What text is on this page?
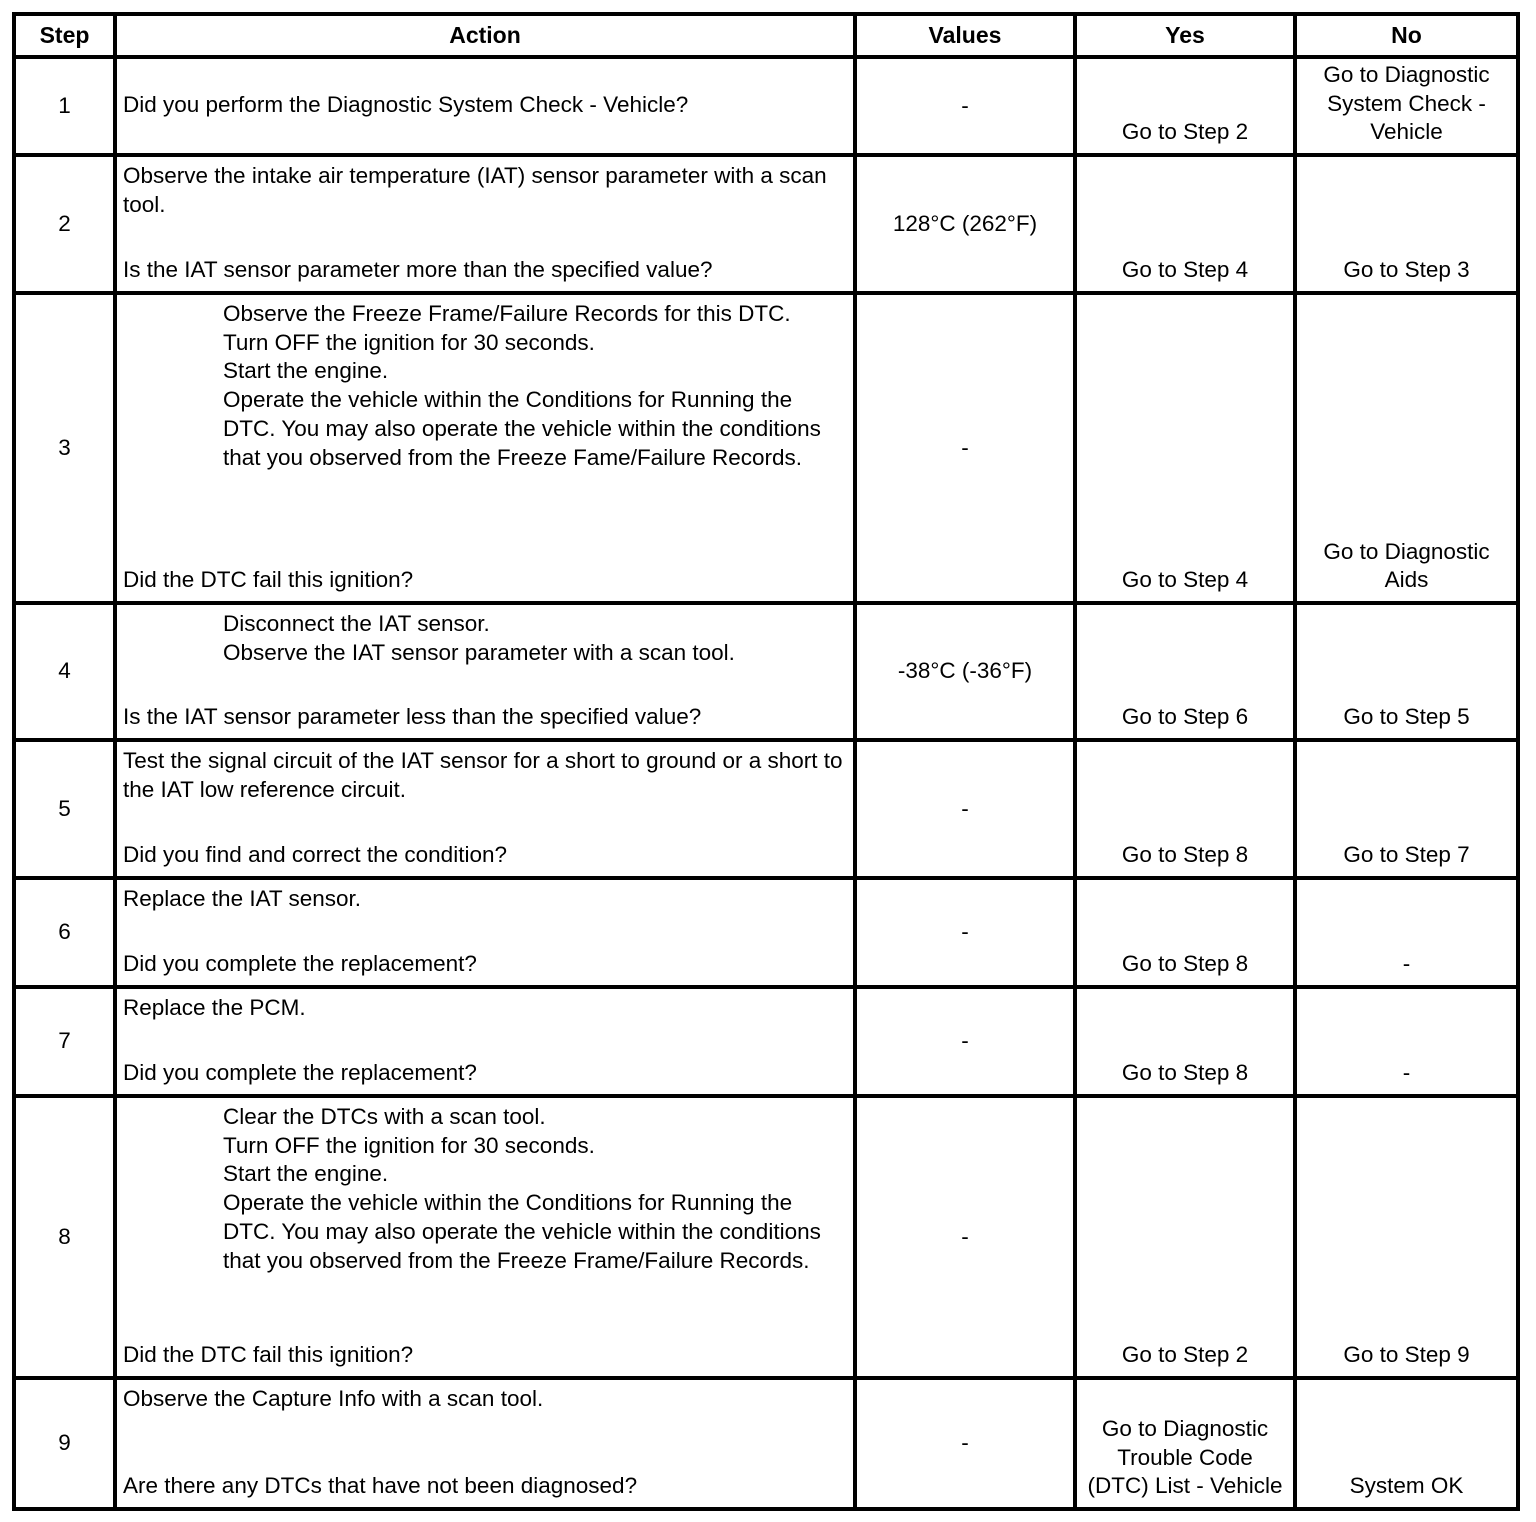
Step	Action	Values	Yes	No
1	Did you perform the Diagnostic System Check - Vehicle?	-	Go to Step 2	Go to Diagnostic System Check - Vehicle
2	Observe the intake air temperature (IAT) sensor parameter with a scan tool.
Is the IAT sensor parameter more than the specified value?	128°C (262°F)	Go to Step 4	Go to Step 3
3	Observe the Freeze Frame/Failure Records for this DTC.
Turn OFF the ignition for 30 seconds.
Start the engine.
Operate the vehicle within the Conditions for Running the DTC. You may also operate the vehicle within the conditions that you observed from the Freeze Fame/Failure Records.
Did the DTC fail this ignition?	-	Go to Step 4	Go to Diagnostic Aids
4	Disconnect the IAT sensor.
Observe the IAT sensor parameter with a scan tool.
Is the IAT sensor parameter less than the specified value?	-38°C (-36°F)	Go to Step 6	Go to Step 5
5	Test the signal circuit of the IAT sensor for a short to ground or a short to the IAT low reference circuit.
Did you find and correct the condition?	-	Go to Step 8	Go to Step 7
6	Replace the IAT sensor.
Did you complete the replacement?	-	Go to Step 8	-
7	Replace the PCM.
Did you complete the replacement?	-	Go to Step 8	-
8	Clear the DTCs with a scan tool.
Turn OFF the ignition for 30 seconds.
Start the engine.
Operate the vehicle within the Conditions for Running the DTC. You may also operate the vehicle within the conditions that you observed from the Freeze Frame/Failure Records.
Did the DTC fail this ignition?	-	Go to Step 2	Go to Step 9
9	Observe the Capture Info with a scan tool.
Are there any DTCs that have not been diagnosed?	-	Go to Diagnostic Trouble Code (DTC) List - Vehicle	System OK
